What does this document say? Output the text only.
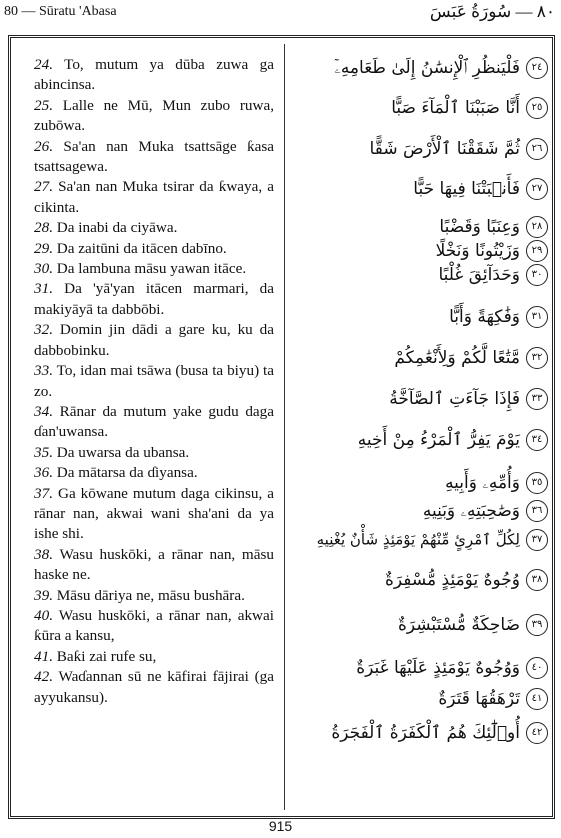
80 — Sūratu 'Abasa	٨٠ — سُورَةُ عَبَسَ

24. To, mutum ya dūba zuwa ga abincinsa.

25. Lalle ne Mū, Mun zubo ruwa, zubōwa.

26. Sa'an nan Muka tsattsāge ƙasa tsattsagewa.

27. Sa'an nan Muka tsirar da ƙwaya, a cikinta.

28. Da inabi da ciyāwa.

29. Da zaitūni da itācen dabīno.

30. Da lambuna māsu yawan itāce.

31. Da 'yā'yan itācen marmari, da makiyāyā ta dabbōbi.

32. Domin jin dādi a gare ku, ku da dabbobinku.

33. To, idan mai tsāwa (busa ta biyu) ta zo.

34. Rānar da mutum yake gudu daga ɗan'uwansa.

35. Da uwarsa da ubansa.

36. Da mātarsa da ɗiyansa.

37. Ga kōwane mutum daga cikinsu, a rānar nan, akwai wani sha'ani da ya ishe shi.

38. Wasu huskōki, a rānar nan, māsu haske ne.

39. Māsu dāriya ne, māsu bushāra.

40. Wasu huskōki, a rānar nan, akwai ƙūra a kansu,

41. Baƙi zai rufe su,

42. Waɗannan sū ne kāfirai fājirai (ga ayyukansu).

٢٤فَلْيَنظُرِ ٱلْإِنسَٰنُ إِلَىٰ طَعَامِهِۦٓ
٢٥أَنَّا صَبَبْنَا ٱلْمَآءَ صَبًّا
٢٦ثُمَّ شَقَقْنَا ٱلْأَرْضَ شَقًّا
٢٧فَأَنۢبَتْنَا فِيهَا حَبًّا
٢٨وَعِنَبًا وَقَضْبًا
٢٩وَزَيْتُونًا وَنَخْلًا
٣٠وَحَدَآئِقَ غُلْبًا
٣١وَفَٰكِهَةً وَأَبًّا
٣٢مَّتَٰعًا لَّكُمْ وَلِأَنْعَٰمِكُمْ
٣٣فَإِذَا جَآءَتِ ٱلصَّآخَّةُ
٣٤يَوْمَ يَفِرُّ ٱلْمَرْءُ مِنْ أَخِيهِ
٣٥وَأُمِّهِۦ وَأَبِيهِ
٣٦وَصَٰحِبَتِهِۦ وَبَنِيهِ
٣٧لِكُلِّ ٱمْرِئٍ مِّنْهُمْ يَوْمَئِذٍ شَأْنٌ يُغْنِيهِ
٣٨وُجُوهٌ يَوْمَئِذٍ مُّسْفِرَةٌ
٣٩ضَاحِكَةٌ مُّسْتَبْشِرَةٌ
٤٠وَوُجُوهٌ يَوْمَئِذٍ عَلَيْهَا غَبَرَةٌ
٤١تَرْهَقُهَا قَتَرَةٌ
٤٢أُو۟لَٰٓئِكَ هُمُ ٱلْكَفَرَةُ ٱلْفَجَرَةُ
915
